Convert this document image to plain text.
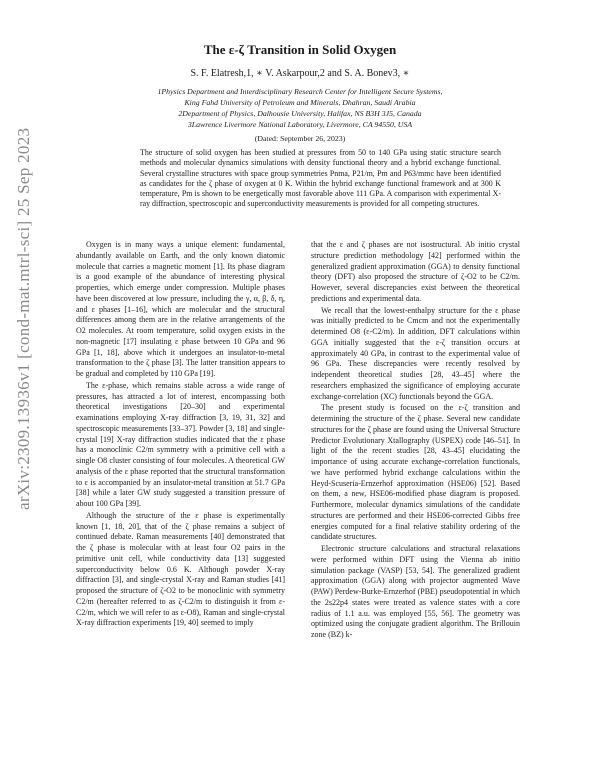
arXiv:2309.13936v1 [cond-mat.mtrl-sci] 25 Sep 2023
The ε-ζ Transition in Solid Oxygen
S. F. Elatresh,1, ∗ V. Askarpour,2 and S. A. Bonev3, ∗
1Physics Department and Interdisciplinary Research Center for Intelligent Secure Systems,
King Fahd University of Petroleum and Minerals, Dhahran, Saudi Arabia
2Department of Physics, Dalhousie University, Halifax, NS B3H 3J5, Canada
3Lawrence Livermore National Laboratory, Livermore, CA 94550, USA
(Dated: September 26, 2023)
The structure of solid oxygen has been studied at pressures from 50 to 140 GPa using static structure search methods and molecular dynamics simulations with density functional theory and a hybrid exchange functional. Several crystalline structures with space group symmetries Pnma, P21/m, Pm and P63/mmc have been identified as candidates for the ζ phase of oxygen at 0 K. Within the hybrid exchange functional framework and at 300 K temperature, Pm is shown to be energetically most favorable above 111 GPa. A comparison with experimental X-ray diffraction, spectroscopic and superconductivity measurements is provided for all competing structures.

Oxygen is in many ways a unique element: fundamental, abundantly available on Earth, and the only known diatomic molecule that carries a magnetic moment [1]. Its phase diagram is a good example of the abundance of interesting physical properties, which emerge under compression. Multiple phases have been discovered at low pressure, including the γ, α, β, δ, η, and ε phases [1–16], which are molecular and the structural differences among them are in the relative arrangements of the O2 molecules. At room temperature, solid oxygen exists in the non-magnetic [17] insulating ε phase between 10 GPa and 96 GPa [1, 18], above which it undergoes an insulator-to-metal transformation to the ζ phase [3]. The latter transition appears to be gradual and completed by 110 GPa [19].

The ε-phase, which remains stable across a wide range of pressures, has attracted a lot of interest, encompassing both theoretical investigations [20–30] and experimental examinations employing X-ray diffraction [3, 19, 31, 32] and spectroscopic measurements [33–37]. Powder [3, 18] and single-crystal [19] X-ray diffraction studies indicated that the ε phase has a monoclinic C2/m symmetry with a primitive cell with a single O8 cluster consisting of four molecules. A theoretical GW analysis of the ε phase reported that the structural transformation to ε is accompanied by an insulator-metal transition at 51.7 GPa [38] while a later GW study suggested a transition pressure of about 100 GPa [39].

Although the structure of the ε phase is experimentally known [1, 18, 20], that of the ζ phase remains a subject of continued debate. Raman measurements [40] demonstrated that the ζ phase is molecular with at least four O2 pairs in the primitive unit cell, while conductivity data [13] suggested superconductivity below 0.6 K. Although powder X-ray diffraction [3], and single-crystal X-ray and Raman studies [41] proposed the structure of ζ-O2 to be monoclinic with symmetry C2/m (hereafter referred to as ζ-C2/m to distinguish it from ε-C2/m, which we will refer to as ε-O8), Raman and single-crystal X-ray diffraction experiments [19, 40] seemed to imply

that the ε and ζ phases are not isostructural. Ab initio crystal structure prediction methodology [42] performed within the generalized gradient approximation (GGA) to density functional theory (DFT) also proposed the structure of ζ-O2 to be C2/m. However, several discrepancies exist between the theoretical predictions and experimental data.

We recall that the lowest-enthalpy structure for the ε phase was initially predicted to be Cmcm and not the experimentally determined O8 (ε-C2/m). In addition, DFT calculations within GGA initially suggested that the ε-ζ transition occurs at approximately 40 GPa, in contrast to the experimental value of 96 GPa. These discrepancies were recently resolved by independent theoretical studies [28, 43–45] where the researchers emphasized the significance of employing accurate exchange-correlation (XC) functionals beyond the GGA.

The present study is focused on the ε-ζ transition and determining the structure of the ζ phase. Several new candidate structures for the ζ phase are found using the Universal Structure Predictor Evolutionary Xtallography (USPEX) code [46–51]. In light of the the recent studies [28, 43–45] elucidating the importance of using accurate exchange-correlation functionals, we have performed hybrid exchange calculations within the Heyd-Scuseria-Ernzerhof approximation (HSE06) [52]. Based on them, a new, HSE06-modified phase diagram is proposed. Furthermore, molecular dynamics simulations of the candidate structures are performed and their HSE06-corrected Gibbs free energies computed for a final relative stability ordering of the candidate structures.

Electronic structure calculations and structural relaxations were performed within DFT using the Vienna ab initio simulation package (VASP) [53, 54]. The generalized gradient approximation (GGA) along with projector augmented Wave (PAW) Perdew-Burke-Ernzerhof (PBE) pseudopotential in which the 2s22p4 states were treated as valence states with a core radius of 1.1 a.u. was employed [55, 56]. The geometry was optimized using the conjugate gradient algorithm. The Brillouin zone (BZ) k-
